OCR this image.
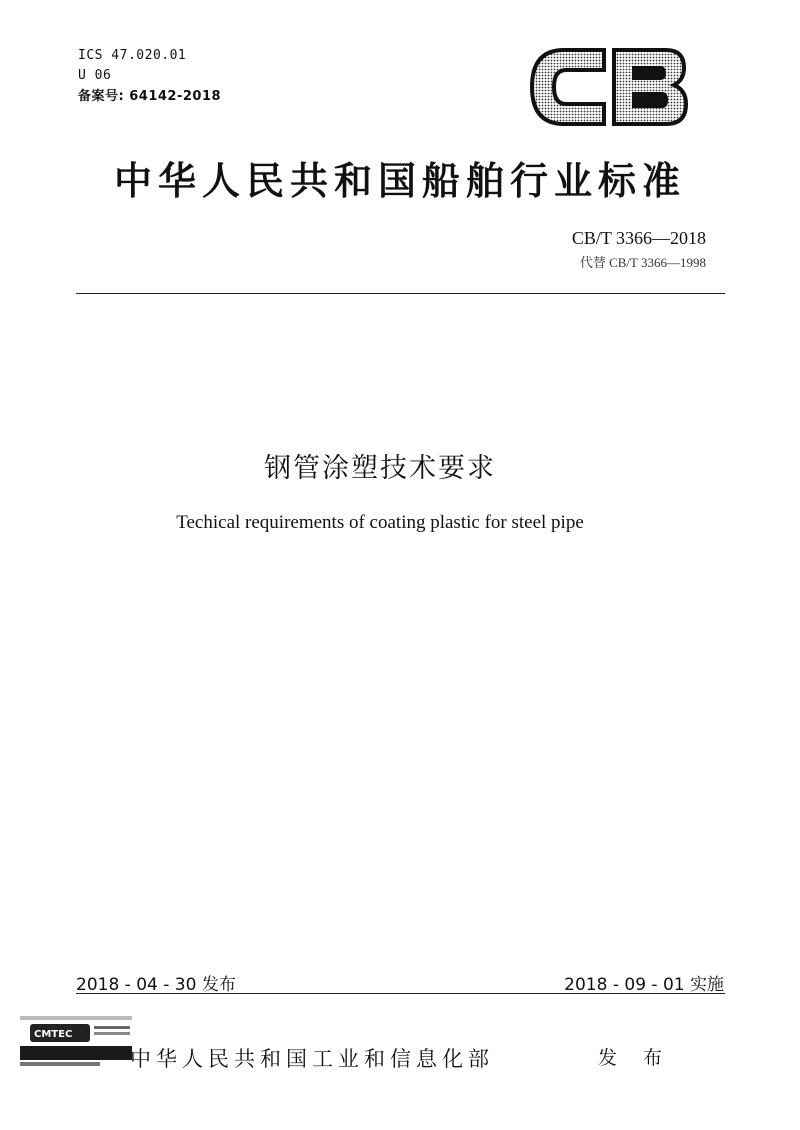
ICS 47.020.01
U 06
备案号: 64142-2018
中华人民共和国船舶行业标准
CB/T 3366—2018
代替 CB/T 3366—1998
钢管涂塑技术要求
Techical requirements of coating plastic for steel pipe
2018 - 04 - 30 发布	2018 - 09 - 01 实施
CMTEC
中华人民共和国工业和信息化部	发 布
